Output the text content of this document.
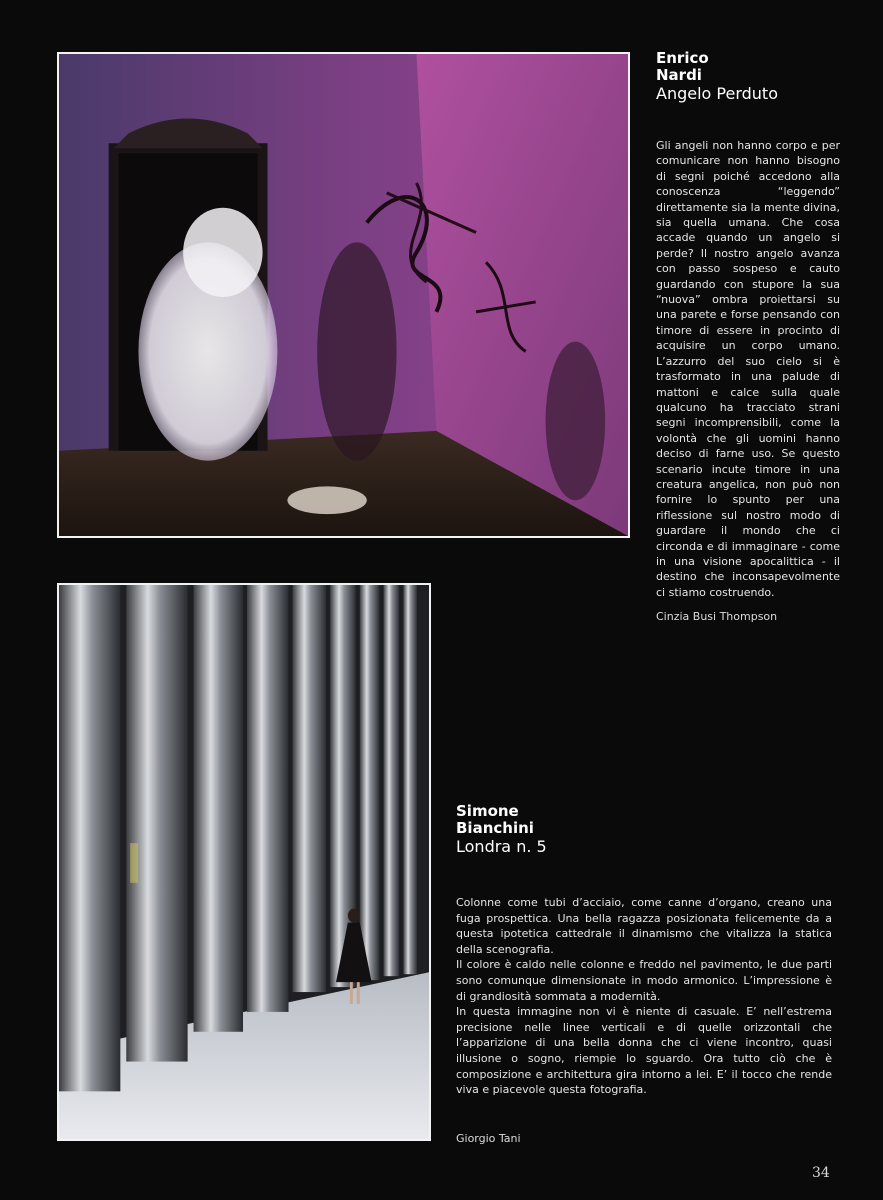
Enrico
Nardi
Angelo Perduto

Gli angeli non hanno corpo e per comunicare non hanno bisogno di segni poiché accedono alla conoscenza “leggendo” direttamente sia la mente divina, sia quella umana. Che cosa accade quando un angelo si perde? Il nostro angelo avanza con passo sospeso e cauto guardando con stupore la sua “nuova” ombra proiettarsi su una parete e forse pensando con timore di essere in procinto di acquisire un corpo umano. L’azzurro del suo cielo si è trasformato in una palude di mattoni e calce sulla quale qualcuno ha tracciato strani segni incomprensibili, come la volontà che gli uomini hanno deciso di farne uso. Se questo scenario incute timore in una creatura angelica, non può non fornire lo spunto per una riflessione sul nostro modo di guardare il mondo che ci circonda e di immaginare - come in una visione apocalittica - il destino che inconsapevolmente ci stiamo costruendo.

Cinzia Busi Thompson
Simone
Bianchini
Londra n. 5

Colonne come tubi d’acciaio, come canne d’organo, creano una fuga prospettica. Una bella ragazza posizionata felicemente da a questa ipotetica cattedrale il dinamismo che vitalizza la statica della scenografia.

Il colore è caldo nelle colonne e freddo nel pavimento, le due parti sono comunque dimensionate in modo armonico. L’impressione è di grandiosità sommata a modernità.

In questa immagine non vi è niente di casuale. E’ nell’estrema precisione nelle linee verticali e di quelle orizzontali che l’apparizione di una bella donna che ci viene incontro, quasi illusione o sogno, riempie lo sguardo. Ora tutto ciò che è composizione e architettura gira intorno a lei. E’ il tocco che rende viva e piacevole questa fotografia.

Giorgio Tani
34
